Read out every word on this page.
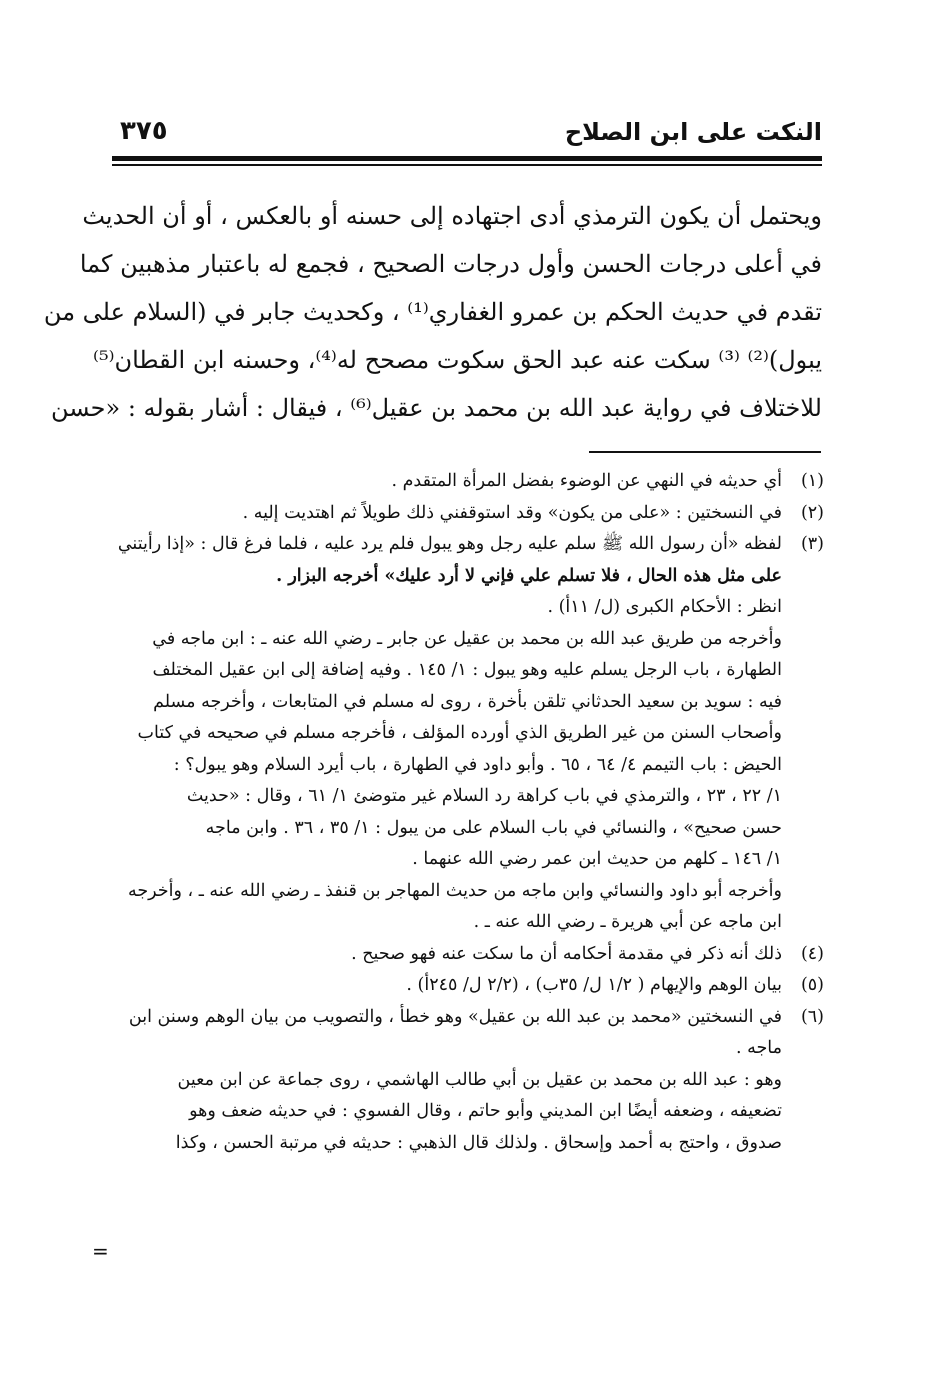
النكت على ابن الصلاح
٣٧٥
ويحتمل أن يكون الترمذي أدى اجتهاده إلى حسنه أو بالعكس ، أو أن الحديث
في أعلى درجات الحسن وأول درجات الصحيح ، فجمع له باعتبار مذهبين كما
تقدم في حديث الحكم بن عمرو الغفاري⁽¹⁾ ، وكحديث جابر في (السلام على من
يبول)⁽²⁾ ⁽³⁾ سكت عنه عبد الحق سكوت مصحح له⁽⁴⁾، وحسنه ابن القطان⁽⁵⁾
للاختلاف في رواية عبد الله بن محمد بن عقيل⁽⁶⁾ ، فيقال : أشار بقوله : «حسن
(١)أي حديثه في النهي عن الوضوء بفضل المرأة المتقدم .
(٢)في النسختين : «على من يكون» وقد استوقفني ذلك طويلاً ثم اهتديت إليه .
(٣)لفظه «أن رسول الله ﷺ سلم عليه رجل وهو يبول فلم يرد عليه ، فلما فرغ قال : «إذا رأيتني
على مثل هذه الحال ، فلا تسلم علي فإني لا أرد عليك» أخرجه البزار .
انظر : الأحكام الكبرى (ل/ ١١أ) .
وأخرجه من طريق عبد الله بن محمد بن عقيل عن جابر ـ رضي الله عنه ـ : ابن ماجه في
الطهارة ، باب الرجل يسلم عليه وهو يبول : ١/ ١٤٥ . وفيه إضافة إلى ابن عقيل المختلف
فيه : سويد بن سعيد الحدثاني تلقن بأخرة ، روى له مسلم في المتابعات ، وأخرجه مسلم
وأصحاب السنن من غير الطريق الذي أورده المؤلف ، فأخرجه مسلم في صحيحه في كتاب
الحيض : باب التيمم ٤/ ٦٤ ، ٦٥ . وأبو داود في الطهارة ، باب أيرد السلام وهو يبول؟ :
١/ ٢٢ ، ٢٣ ، والترمذي في باب كراهة رد السلام غير متوضئ ١/ ٦١ ، وقال : «حديث
حسن صحيح» ، والنسائي في باب السلام على من يبول : ١/ ٣٥ ، ٣٦ . وابن ماجه
١/ ١٤٦ ـ كلهم من حديث ابن عمر رضي الله عنهما .
وأخرجه أبو داود والنسائي وابن ماجه من حديث المهاجر بن قنفذ ـ رضي الله عنه ـ ، وأخرجه
ابن ماجه عن أبي هريرة ـ رضي الله عنه ـ .
(٤)ذلك أنه ذكر في مقدمة أحكامه أن ما سكت عنه فهو صحيح .
(٥)بيان الوهم والإيهام ( ١/٢ ل/ ٣٥ب) ، (٢/٢ ل/ ٢٤٥أ) .
(٦)في النسختين «محمد بن عبد الله بن عقيل» وهو خطأ ، والتصويب من بيان الوهم وسنن ابن
ماجه .
وهو : عبد الله بن محمد بن عقيل بن أبي طالب الهاشمي ، روى جماعة عن ابن معين
تضعيفه ، وضعفه أيضًا ابن المديني وأبو حاتم ، وقال الفسوي : في حديثه ضعف وهو
صدوق ، واحتج به أحمد وإسحاق . ولذلك قال الذهبي : حديثه في مرتبة الحسن ، وكذا
=
